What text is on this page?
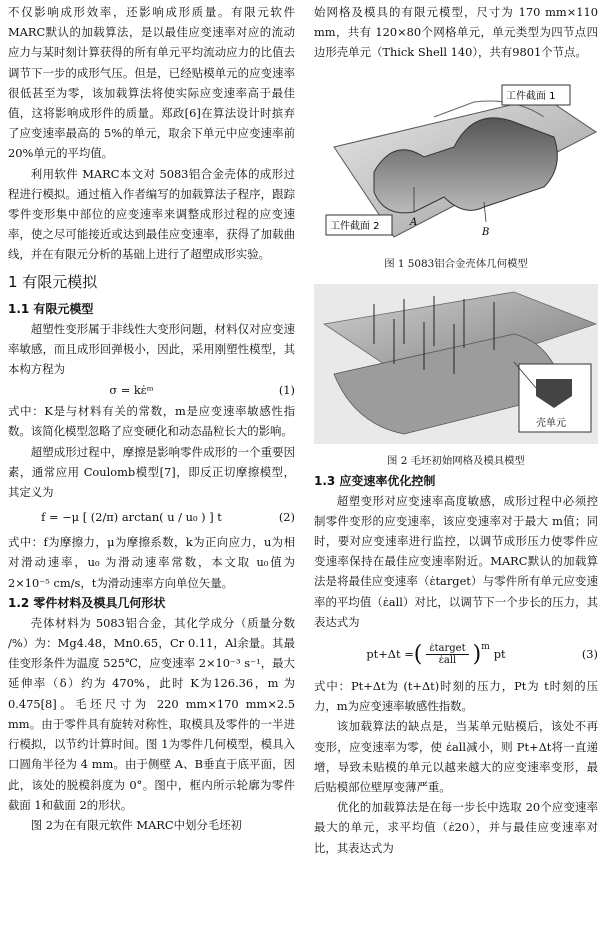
不仅影响成形效率，还影响成形质量。有限元软件MARC默认的加载算法，是以最佳应变速率对应的流动应力与某时刻计算获得的所有单元平均流动应力的比值去调节下一步的成形气压。但是，已经贴模单元的应变速率很低甚至为零，该加载算法将使实际应变速率高于最佳值，这将影响成形件的质量。郑政[6]在算法设计时摈弃了应变速率最高的 5%的单元，取余下单元中应变速率前20%单元的平均值。

利用软件 MARC本文对 5083铝合金壳体的成形过程进行模拟。通过植入作者编写的加载算法子程序，跟踪零件变形集中部位的应变速率来调整成形过程的应变速率，使之尽可能接近或达到最佳应变速率，获得了加载曲线，并在有限元分析的基础上进行了超塑成形实验。

1 有限元模拟
1.1 有限元模型

超塑性变形属于非线性大变形问题，材料仅对应变速率敏感，而且成形回弹极小，因此，采用刚塑性模型，其本构方程为

σ = kε̇ᵐ	(1)

式中：K是与材料有关的常数，m是应变速率敏感性指数。该简化模型忽略了应变硬化和动态晶粒长大的影响。

超塑成形过程中，摩擦是影响零件成形的一个重要因素，通常应用 Coulomb模型[7]，即反正切摩擦模型，其定义为

f = −μ [ (2/π) arctan( u / u₀ ) ] t	(2)

式中：f为摩擦力，μ为摩擦系数，k为正向应力，u为相对滑动速率，u₀ 为滑动速率常数，本文取 u₀值为 2×10⁻⁵ cm/s，t为滑动速率方向单位矢量。

1.2 零件材料及模具几何形状

壳体材料为 5083铝合金，其化学成分（质量分数 /%）为：Mg4.48，Mn0.65，Cr 0.11，Al余量。其最佳变形条件为温度 525℃，应变速率 2×10⁻³ s⁻¹，最大延伸率（δ）约为 470%，此时 K为126.36，m 为 0.475[8]。毛坯尺寸为 220 mm×170 mm×2.5 mm。由于零件具有旋转对称性，取模具及零件的一半进行模拟，以节约计算时间。图 1为零件几何模型，模具入口圆角半径为 4 mm。由于侧壁 A、B垂直于底平面，因此，该处的脱模斜度为 0°。图中，框内所示轮廓为零件截面 1和截面 2的形状。

图 2为在有限元软件 MARC中划分毛坯初

始网格及模具的有限元模型，尺寸为 170 mm×110 mm，共有 120×80个网格单元，单元类型为四节点四边形壳单元（Thick Shell 140），共有9801个节点。

工件截面 1
工件截面 2	A
B
图 1 5083铝合金壳体几何模型
壳单元
图 2 毛坯初始网格及模具模型
1.3 应变速率优化控制

超塑变形对应变速率高度敏感，成形过程中必须控制零件变形的应变速率，该应变速率对于最大 m值；同时，要对应变速率进行监控，以调节成形压力使零件应变速率保持在最佳应变速率附近。MARC默认的加载算法是将最佳应变速率（ε̇target）与零件所有单元应变速率的平均值（ε̇all）对比，以调节下一个步长的压力，其表达式为

pt+Δt = ( $\frac{\text{ε̇target}}{\text{ε̇all}} )^m$
pt	(3)

式中：Pt+Δt为 (t+Δt)时刻的压力，Pt为 t时刻的压力，m为应变速率敏感性指数。

该加载算法的缺点是，当某单元贴模后，该处不再变形，应变速率为零，使 ε̇all减小，则 Pt+Δt将一直递增，导致未贴模的单元以越来越大的应变速率变形，最后贴模部位壁厚变薄严重。

优化的加载算法是在每一步长中选取 20个应变速率最大的单元，求平均值（ε̇20），并与最佳应变速率对比，其表达式为
